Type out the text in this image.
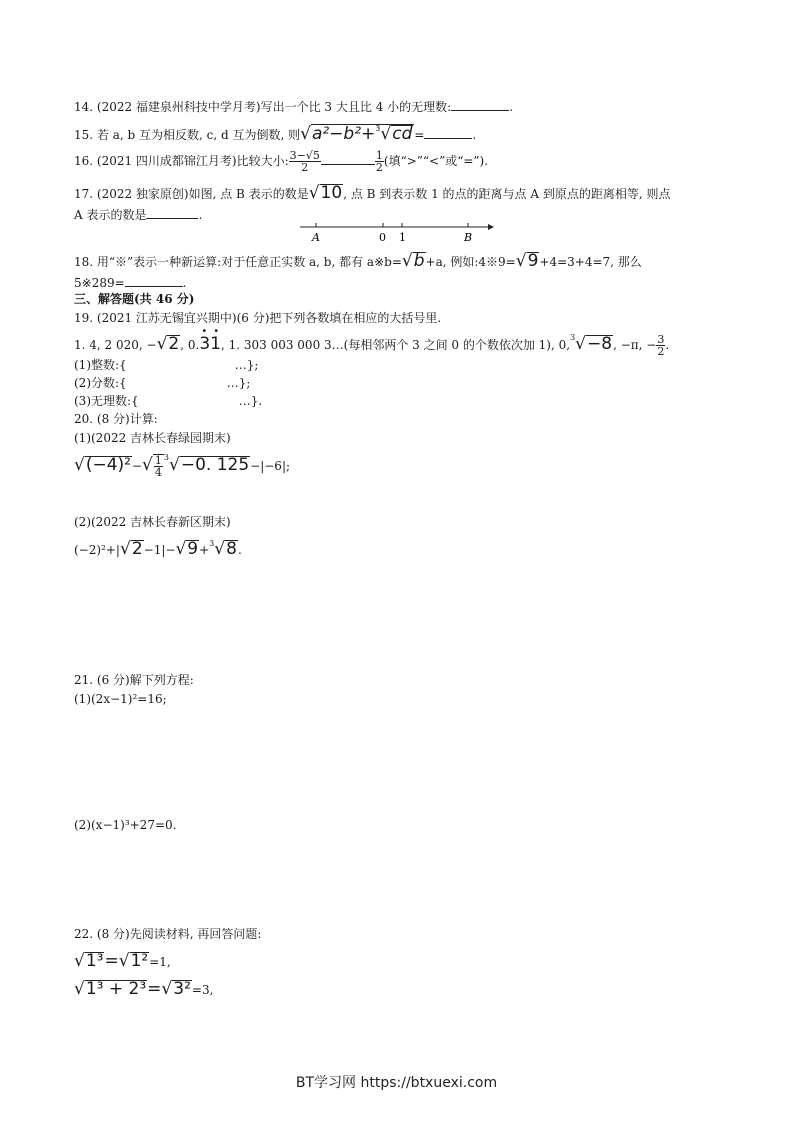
14. (2022 福建泉州科技中学月考)写出一个比 3 大且比 4 小的无理数:	.
15. 若 a, b 互为相反数, c, d 互为倒数, 则√a²−b²+$^3$√cd =	.
16. (2021 四川成都锦江月考)比较大小: $\frac{3-√5}{2}$	$\frac{1}{2}$ (填“>”“<”或“=”).
17. (2022 独家原创)如图, 点 B 表示的数是√10, 点 B 到表示数 1 的点的距离与点 A 到原点的距离相等, 则点
A 表示的数是	.
A	0 1	B
18. 用“※”表示一种新运算:对于任意正实数 a, b, 都有 a※b=√b+a, 例如:4※9=√9+4=3+4=7, 那么
5※289=	.
三、解答题(共 46 分)
19. (2021 江苏无锡宜兴期中)(6 分)把下列各数填在相应的大括号里.
1. 4, 2 020, −√2, 0.31
••
, 1. 303 003 000 3…(每相邻两个 3 之间 0 的个数依次加 1), 0,$^3$√−8, −π, − $\frac{3}{2}$ .
(1)整数:{	…};
(2)分数:{	…};
(3)无理数:{	…}.
20. (8 分)计算:
(1)(2022 吉林长春绿园期末)
$√(-4)^2-√ \frac{1}{4} ^3√-0$. 125−|−6|;
(2)(2022 吉林长春新区期末)
(−2)²+|√2−1|−√9+$^3$√8.
21. (6 分)解下列方程:
(1)(2x−1)²=16;
(2)(x−1)³+27=0.
22. (8 分)先阅读材料, 再回答问题:
√1³=√1²=1,
√1³ + 2³=√3²=3,
BT学习网 https://btxuexi.com
